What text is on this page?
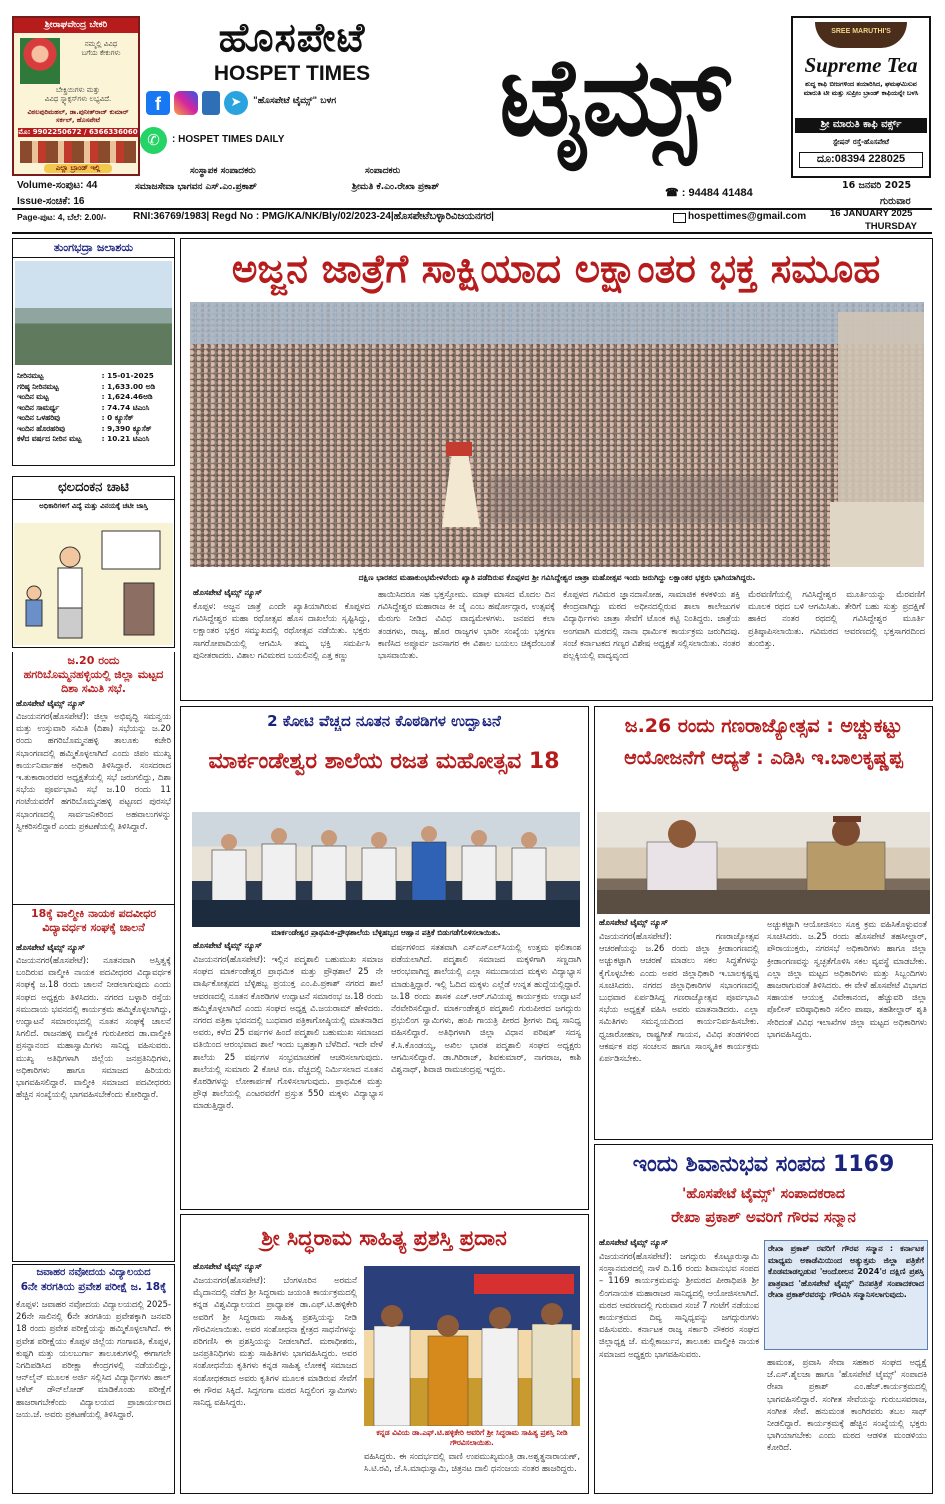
ಶ್ರೀರಾಘವೇಂದ್ರ ಬೇಕರಿ
ನಮ್ಮಲ್ಲಿ ವಿವಿಧ
ಬಗೆಯ ಕೇಕುಗಳು
ಬೇಕ್ಸ್ರಿಯಿಗಳು ಮತ್ತು
ವಿವಿಧ ಸ್ನ್ಯಾಕ್ಸಸ್‌ಗಳು ಲಭ್ಯವಿದೆ.
ವಿಠಲಪುರಿಮಹಲ್, ಡಾ.ಪುನೀತ್‌ರಾಜ್ ಕುಮಾರ್ ಸರ್ಕಲ್, ಹೊಸಪೇಟೆ
ಮೊ: 9902250672 / 6366336060
ಎಲ್ಲಾ ಬ್ರಾಂಡ್ ಇಲ್ಲಿ
ಹೊಸಪೇಟೆ
HOSPET TIMES	ಟೈಮ್ಸ್
f	➤	"ಹೊಸಪೇಟೆ ಟೈಮ್ಸ್" ಬಳಗ
✆	: HOSPET TIMES DAILY
SREE MARUTHI'S
Supreme Tea
ಶುದ್ಧ ಕಾಫಿ ಬೀಜಗಳಿಂದ ತಯಾರಿಸಿದ, ಘಮಘಮಿಸುವ ಮಾರುತಿ ಟೀ ಮತ್ತು ಸುಪ್ರೀಂ ಬ್ರಾಂಡ್ ಕಾಫಿಯನ್ನೇ ಬಳಸಿ
ಶ್ರೀ ಮಾರುತಿ ಕಾಫಿ ವರ್ಕ್ಸ್
ಸ್ಟೇಷನ್ ರಸ್ತೆ-ಹೊಸಪೇಟೆ
ದೂ:08394 228025
ಸಂಸ್ಥಾಪಕ ಸಂಪಾದಕರು	ಸಂಪಾದಕರು
ಸಮಾಜಸೇವಾ ಭಾಗವನ ಎಸ್.ಎಂ.ಪ್ರಕಾಶ್	ಶ್ರೀಮತಿ ಕೆ.ಎಂ.ರೇಖಾ ಪ್ರಕಾಶ್
Volume-ಸಂಪುಟ: 44
Issue-ಸಂಚಿಕೆ: 16
☎ : 94484 41484
16 ಜನವರಿ 2025
ಗುರುವಾರ
Page-ಪುಟ: 4, ಬೆಲೆ: 2.00/-	RNI:36769/1983| Regd No : PMG/KA/NK/Bly/02/2023-24|ಹೊಸಪೇಟೆಬಳ್ಳಾರಿವಿಜಯನಗರ|	hospettimes@gmail.com	16 JANUARY 2025
THURSDAY
ತುಂಗಭದ್ರಾ ಜಲಾಶಯ
ನೀರಿನಮಟ್ಟ	: 15-01-2025
ಗರಿಷ್ಠ ನೀರಿನಮಟ್ಟ	: 1,633.00 ಅಡಿ
ಇಂದಿನ ಮಟ್ಟ	: 1,624.46ಅಡಿ
ಇಂದಿನ ಸಾಮರ್ಥ್ಯ	: 74.74 ಟಿಎಂಸಿ
ಇಂದಿನ ಒಳಹರಿವು	: 0 ಕ್ಯೂಸೆಕ್
ಇಂದಿನ ಹೊರಹರಿವು	: 9,390 ಕ್ಯೂಸೆಕ್
ಕಳೆದ ವರ್ಷದ ನೀರಿನ ಮಟ್ಟ	: 10.21 ಟಿಎಂಸಿ
ಛಲದಂಕನ ಚಾಟಿ
ಅಧಿಕಾರಿಗಳಿಗೆ ವಿದ್ಯೆ ಮತ್ತು ವಿನಯಕ್ಕೆ ಚಟೀ ಜಾಸ್ತಿ
ಜ.20 ರಂದು
ಹಗರಿಬೊಮ್ಮನಹಳ್ಳಿಯಲ್ಲಿ ಜಿಲ್ಲಾ ಮಟ್ಟದ ದಿಶಾ ಸಮಿತಿ ಸಭೆ.
ಹೊಸಪೇಟೆ ಟೈಮ್ಸ್ ನ್ಯೂಸ್
ವಿಜಯನಗರ(ಹೊಸಪೇಟೆ): ಜಿಲ್ಲಾ ಅಭಿವೃದ್ಧಿ ಸಮನ್ವಯ ಮತ್ತು ಉಸ್ತುವಾರಿ ಸಮಿತಿ (ದಿಶಾ) ಸಭೆಯನ್ನು ಜ.20 ರಂದು ಹಗರಿಬೊಮ್ಮನಹಳ್ಳಿ ತಾಲೂಕು ಕಚೇರಿ ಸಭಾಂಗಣದಲ್ಲಿ ಹಮ್ಮಿಕೊಳ್ಳಲಾಗಿದೆ ಎಂದು ಜಿಪಂ ಮುಖ್ಯ ಕಾರ್ಯನಿರ್ವಾಹಕ ಅಧಿಕಾರಿ ತಿಳಿಸಿದ್ದಾರೆ. ಸಂಸದರಾದ ಇ.ತುಕಾರಾಂರವರ ಅಧ್ಯಕ್ಷತೆಯಲ್ಲಿ ಸಭೆ ಜರುಗಲಿದ್ದು, ದಿಶಾ ಸಭೆಯ ಪೂರ್ವಭಾವಿ ಸಭೆ ಜ.10 ರಂದು 11 ಗಂಟೆಯವರೆಗೆ ಹಗರಿಬೊಮ್ಮನಹಳ್ಳಿ ಪಟ್ಟಣದ ಪುರಸಭೆ ಸಭಾಂಗಣದಲ್ಲಿ ಸಾರ್ವಜನಿಕರಿಂದ ಅಹವಾಲುಗಳನ್ನು ಸ್ವೀಕರಿಸಲಿದ್ದಾರೆ ಎಂದು ಪ್ರಕಟಣೆಯಲ್ಲಿ ತಿಳಿಸಿದ್ದಾರೆ.
18ಕ್ಕೆ ವಾಲ್ಮೀಕಿ ನಾಯಕ ಪದವೀಧರ ವಿದ್ಯಾವರ್ಧಕ ಸಂಘಕ್ಕೆ ಚಾಲನೆ
ಹೊಸಪೇಟೆ ಟೈಮ್ಸ್ ನ್ಯೂಸ್
ವಿಜಯನಗರ(ಹೊಸಪೇಟೆ): ನೂತನವಾಗಿ ಅಸ್ತಿತ್ವಕ್ಕೆ ಬಂದಿರುವ ವಾಲ್ಮೀಕಿ ನಾಯಕ ಪದವೀಧರರ ವಿದ್ಯಾವರ್ಧಕ ಸಂಘಕ್ಕೆ ಜ.18 ರಂದು ಚಾಲನೆ ನೀಡಲಾಗುವುದು ಎಂದು ಸಂಘದ ಅಧ್ಯಕ್ಷರು ತಿಳಿಸಿದರು. ನಗರದ ಬಳ್ಳಾರಿ ರಸ್ತೆಯ ಸಮುದಾಯ ಭವನದಲ್ಲಿ ಕಾರ್ಯಕ್ರಮ ಹಮ್ಮಿಕೊಳ್ಳಲಾಗಿದ್ದು, ಉದ್ಘಾಟನೆ ಸಮಾರಂಭದಲ್ಲಿ ನೂತನ ಸಂಘಕ್ಕೆ ಚಾಲನೆ ಸಿಗಲಿದೆ. ರಾಜನಹಳ್ಳಿ ವಾಲ್ಮೀಕಿ ಗುರುಪೀಠದ ಡಾ.ವಾಲ್ಮೀಕಿ ಪ್ರಸನ್ನಾನಂದ ಮಹಾಸ್ವಾಮಿಗಳು ಸಾನಿಧ್ಯ ವಹಿಸುವರು. ಮುಖ್ಯ ಅತಿಥಿಗಳಾಗಿ ಜಿಲ್ಲೆಯ ಜನಪ್ರತಿನಿಧಿಗಳು, ಅಧಿಕಾರಿಗಳು ಹಾಗೂ ಸಮಾಜದ ಹಿರಿಯರು ಭಾಗವಹಿಸಲಿದ್ದಾರೆ. ವಾಲ್ಮೀಕಿ ಸಮಾಜದ ಪದವೀಧರರು ಹೆಚ್ಚಿನ ಸಂಖ್ಯೆಯಲ್ಲಿ ಭಾಗವಹಿಸಬೇಕೆಂದು ಕೋರಿದ್ದಾರೆ.
ಜವಾಹರ ನವೋದಯ ವಿದ್ಯಾಲಯದ
6ನೇ ತರಗತಿಯ ಪ್ರವೇಶ ಪರೀಕ್ಷೆ ಜ. 18ಕ್ಕೆ
ಕೊಪ್ಪಳ: ಜವಾಹರ ನವೋದಯ ವಿದ್ಯಾಲಯದಲ್ಲಿ 2025-26ನೇ ಸಾಲಿನಲ್ಲಿ 6ನೇ ತರಗತಿಯ ಪ್ರವೇಶಕ್ಕಾಗಿ ಜನವರಿ 18 ರಂದು ಪ್ರವೇಶ ಪರೀಕ್ಷೆಯನ್ನು ಹಮ್ಮಿಕೊಳ್ಳಲಾಗಿದೆ. ಈ ಪ್ರವೇಶ ಪರೀಕ್ಷೆಯು ಕೊಪ್ಪಳ ಜಿಲ್ಲೆಯ ಗಂಗಾವತಿ, ಕೊಪ್ಪಳ, ಕುಷ್ಟಗಿ ಮತ್ತು ಯಲಬುರ್ಗಾ ತಾಲೂಕುಗಳಲ್ಲಿ ಈಗಾಗಲೇ ನಿಗದಿಪಡಿಸಿದ ಪರೀಕ್ಷಾ ಕೇಂದ್ರಗಳಲ್ಲಿ ನಡೆಯಲಿದ್ದು, ಆನ್‌ಲೈನ್ ಮೂಲಕ ಅರ್ಜಿ ಸಲ್ಲಿಸಿದ ವಿದ್ಯಾರ್ಥಿಗಳು ಹಾಲ್ ಟಿಕೆಟ್ ಡೌನ್‌ಲೋಡ್ ಮಾಡಿಕೊಂಡು ಪರೀಕ್ಷೆಗೆ ಹಾಜರಾಗಬೇಕೆಂದು ವಿದ್ಯಾಲಯದ ಪ್ರಾಚಾರ್ಯರಾದ ಜಯ.ಜೆ. ಅವರು ಪ್ರಕಟಣೆಯಲ್ಲಿ ತಿಳಿಸಿದ್ದಾರೆ.
ಅಜ್ಜನ ಜಾತ್ರೆಗೆ ಸಾಕ್ಷಿಯಾದ ಲಕ್ಷಾಂತರ ಭಕ್ತ ಸಮೂಹ
ದಕ್ಷಿಣ ಭಾರತದ ಮಹಾಕುಂಭಮೇಳವೆಂದು ಖ್ಯಾತಿ ಪಡೆದಿರುವ ಕೊಪ್ಪಳದ ಶ್ರೀ ಗವಿಸಿದ್ದೇಶ್ವರ ಜಾತ್ರಾ ಮಹೋತ್ಸವ ಇಂದು ಜರುಗಿದ್ದು ಲಕ್ಷಾಂತರ ಭಕ್ತರು ಭಾಗಿಯಾಗಿದ್ದರು.
ಹೊಸಪೇಟೆ ಟೈಮ್ಸ್ ನ್ಯೂಸ್
ಕೊಪ್ಪಳ: ಅಜ್ಜನ ಜಾತ್ರೆ ಎಂದೇ ಖ್ಯಾತಿಯಾಗಿರುವ ಕೊಪ್ಪಳದ ಗವಿಸಿದ್ದೇಶ್ವರ ಮಹಾ ರಥೋತ್ಸವ ಹೊಸ ದಾಖಲೆಯ ಸೃಷ್ಟಿಸಿದ್ದು, ಲಕ್ಷಾಂತರ ಭಕ್ತರ ಸಮ್ಮುಖದಲ್ಲಿ ರಥೋತ್ಸವ ನಡೆಯಿತು. ಭಕ್ತರು ಸಾಗರೋಪಾದಿಯಲ್ಲಿ ಆಗಮಿಸಿ ತಮ್ಮ ಭಕ್ತಿ ಸಮರ್ಪಿಸಿ ಪುನೀತರಾದರು. ವಿಶಾಲ ಗವಿಮಠದ ಬಯಲಿನಲ್ಲಿ ಎತ್ತ ಕಣ್ಣು
ಹಾಯಿಸಿದರೂ ಸಹ ಭಕ್ತಸ್ತೋಮ. ಮಾಘ ಮಾಸದ ಮೊದಲ ದಿನ ಗವಿಸಿದ್ದೇಶ್ವರ ಮಹಾರಾಜ ಕೀ ಜೈ ಎಂಬ ಹರ್ಷೋದ್ಗಾರ, ಉತ್ಸವಕ್ಕೆ ಮೆರುಗು ನೀಡಿದ ವಿವಿಧ ವಾದ್ಯಮೇಳಗಳು. ಜನಪದ ಕಲಾ ತಂಡಗಳು, ರಾಜ್ಯ, ಹೊರ ರಾಜ್ಯಗಳ ಭಾರೀ ಸಂಖ್ಯೆಯ ಭಕ್ತಗಣ ಕಾಣಿಸಿದ ಅಪ್ಪೂರ್ವ ಜನಸಾಗರ ಈ ವಿಶಾಲ ಬಯಲು ಚಿಕ್ಕದೆಂಬಂತೆ ಭಾಸವಾಯಿತು.
ಕೊಪ್ಪಳದ ಗವಿಮಠ ಜ್ಞಾನದಾಸೋಹ, ಸಾಮಾಜಿಕ ಕಳಕಳಿಯ ಶಕ್ತಿ ಕೇಂದ್ರವಾಗಿದ್ದು ಮಠದ ಅಧೀನದಲ್ಲಿರುವ ಶಾಲಾ ಕಾಲೇಜುಗಳ ವಿದ್ಯಾರ್ಥಿಗಳು ಜಾತ್ರಾ ಸೇವೆಗೆ ಟೊಂಕ ಕಟ್ಟಿ ನಿಂತಿದ್ದರು. ಜಾತ್ರೆಯ ಅಂಗವಾಗಿ ಮಠದಲ್ಲಿ ನಾನಾ ಧಾರ್ಮಿಕ ಕಾರ್ಯಕ್ರಮ ಜರುಗಿದವು. ಸಂಜೆ ಕರ್ನಾಟಕದ ಗಣ್ಯರ ವಿಶೇಷ ಅಧ್ಯಕ್ಷತೆ ಸಲ್ಲಿಸಲಾಯಿತು. ನಂತರ ಪಲ್ಲಕ್ಕಿಯಲ್ಲಿ ವಾದ್ಯವೃಂದ
ಮೆರವಣಿಗೆಯಲ್ಲಿ ಗವಿಸಿದ್ದೇಶ್ವರ ಮೂರ್ತಿಯನ್ನು ಮೆರವಣಿಗೆ ಮೂಲಕ ರಥದ ಬಳಿ ಆಗಮಿಸಿತು. ತೇರಿಗೆ ಬಹು ಸುತ್ತು ಪ್ರದಕ್ಷಿಣೆ ಹಾಕಿದ ನಂತರ ರಥದಲ್ಲಿ ಗವಿಸಿದ್ದೇಶ್ವರ ಮೂರ್ತಿ ಪ್ರತಿಷ್ಠಾಪಿಸಲಾಯಿತು. ಗವಿಮಠದ ಆವರಣದಲ್ಲಿ ಭಕ್ತಸಾಗರದಿಂದ ತುಂಬಿತ್ತು.
2 ಕೋಟಿ ವೆಚ್ಚದ ನೂತನ ಕೊಠಡಿಗಳ ಉದ್ಘಾಟನೆ
ಮಾರ್ಕಂಡೇಶ್ವರ ಶಾಲೆಯ ರಜತ ಮಹೋತ್ಸವ 18
ಮಾರ್ಕಂಡೇಶ್ವರ ಪ್ರಾಥಮಿಕ-ಪ್ರೌಢಶಾಲೆಯ ಬೆಳ್ಳಿಹಬ್ಬದ ಆಹ್ವಾನ ಪತ್ರಿಕೆ ಬಿಡುಗಡೆಗೊಳಿಸಲಾಯಿತು.
ಹೊಸಪೇಟೆ ಟೈಮ್ಸ್ ನ್ಯೂಸ್
ವಿಜಯನಗರ(ಹೊಸಪೇಟೆ): ಇಲ್ಲಿನ ಪದ್ಮಶಾಲಿ ಬಹುಮುಖ ಸಮಾಜ ಸಂಘದ ಮಾರ್ಕಂಡೇಶ್ವರ ಪ್ರಾಥಮಿಕ ಮತ್ತು ಪ್ರೌಢಶಾಲೆ 25 ನೇ ವಾರ್ಷಿಕೋತ್ಸವದ ಬೆಳ್ಳಿಹಬ್ಬ ಪ್ರಯುಕ್ತ ಎಂ.ಪಿ.ಪ್ರಕಾಶ್ ನಗರದ ಶಾಲೆ ಆವರಣದಲ್ಲಿ ನೂತನ ಕೊಠಡಿಗಳ ಉದ್ಘಾಟನೆ ಸಮಾರಂಭ ಜ.18 ರಂದು ಹಮ್ಮಿಕೊಳ್ಳಲಾಗಿದೆ ಎಂದು ಸಂಘದ ಅಧ್ಯಕ್ಷ ವಿ.ಜಯರಾಮ್ ಹೇಳಿದರು. ನಗರದ ಪತ್ರಿಕಾ ಭವನದಲ್ಲಿ ಬುಧವಾರ ಪತ್ರಿಕಾಗೋಷ್ಠಿಯಲ್ಲಿ ಮಾತನಾಡಿದ ಅವರು, ಕಳೆದ 25 ವರ್ಷಗಳ ಹಿಂದೆ ಪದ್ಮಶಾಲಿ ಬಹುಮುಖ ಸಮಾಜದ ವತಿಯಿಂದ ಆರಂಭವಾದ ಶಾಲೆ ಇಂದು ಬೃಹತ್ತಾಗಿ ಬೆಳೆದಿದೆ. ಇದೇ ವೇಳೆ ಶಾಲೆಯ 25 ವರ್ಷಗಳ ಸಂಭ್ರಮಾಚರಣೆ ಆಚರಿಸಲಾಗುವುದು. ಶಾಲೆಯಲ್ಲಿ ಸುಮಾರು 2 ಕೋಟಿ ರೂ. ವೆಚ್ಚದಲ್ಲಿ ನಿರ್ಮಿಸಲಾದ ನೂತನ ಕೊಠಡಿಗಳನ್ನು ಲೋಕಾರ್ಪಣೆ ಗೊಳಿಸಲಾಗುವುದು. ಪ್ರಾಥಮಿಕ ಮತ್ತು ಪ್ರೌಢ ಶಾಲೆಯಲ್ಲಿ ಎಂಟರವರೆಗೆ ಪ್ರಸ್ತುತ 550 ಮಕ್ಕಳು ವಿದ್ಯಾಭ್ಯಾಸ ಮಾಡುತ್ತಿದ್ದಾರೆ.
ವರ್ಷಗಳಿಂದ ಸತತವಾಗಿ ಎಸ್ಎಸ್‌ಎಲ್‌ಸಿಯಲ್ಲಿ ಉತ್ತಮ ಫಲಿತಾಂಶ ಪಡೆಯಲಾಗಿದೆ. ಪದ್ಮಶಾಲಿ ಸಮಾಜದ ಮಕ್ಕಳಿಗಾಗಿ ಸಣ್ಣದಾಗಿ ಆರಂಭವಾಗಿದ್ದ ಶಾಲೆಯಲ್ಲಿ ಎಲ್ಲಾ ಸಮುದಾಯದ ಮಕ್ಕಳು ವಿದ್ಯಾಭ್ಯಾಸ ಮಾಡುತ್ತಿದ್ದಾರೆ. ಇಲ್ಲಿ ಓದಿದ ಮಕ್ಕಳು ಎಲ್ಲೆಡೆ ಉನ್ನತ ಹುದ್ದೆಯಲ್ಲಿದ್ದಾರೆ. ಜ.18 ರಂದು ಶಾಸಕ ಎಚ್.ಆರ್.ಗವಿಯಪ್ಪ ಕಾರ್ಯಕ್ರಮ ಉದ್ಘಾಟನೆ ನೆರವೇರಿಸಲಿದ್ದಾರೆ. ಮಾರ್ಕಂಡೇಶ್ವರ ಪದ್ಮಶಾಲಿ ಗುರುಪೀಠದ ಜಗದ್ಗುರು ಪ್ರಭುಲಿಂಗ ಸ್ವಾಮಿಗಳು, ಹಂಪಿ ಗಾಯತ್ರಿ ಪೀಠದ ಶ್ರೀಗಳು ದಿವ್ಯ ಸಾನಿಧ್ಯ ವಹಿಸಲಿದ್ದಾರೆ. ಅತಿಥಿಗಳಾಗಿ ಜಿಲ್ಲಾ ವಿಧಾನ ಪರಿಷತ್ ಸದಸ್ಯ ಕೆ.ಸಿ.ಕೊಂಡಯ್ಯ, ಅಖಿಲ ಭಾರತ ಪದ್ಮಶಾಲಿ ಸಂಘದ ಅಧ್ಯಕ್ಷರು ಆಗಮಿಸಲಿದ್ದಾರೆ. ಡಾ.ಗಿರಿರಾಜ್, ಶಿವಕುಮಾರ್, ನಾಗರಾಜ, ಕಾಶಿ ವಿಶ್ವನಾಥ್, ಶಿವಾಜಿ ರಾಮಚಂದ್ರಪ್ಪ ಇದ್ದರು.
ಜ.26 ರಂದು ಗಣರಾಜ್ಯೋತ್ಸವ : ಅಚ್ಚುಕಟ್ಟು
ಆಯೋಜನೆಗೆ ಆದ್ಯತೆ : ಎಡಿಸಿ ಇ.ಬಾಲಕೃಷ್ಣಪ್ಪ
ಹೊಸಪೇಟೆ ಟೈಮ್ಸ್ ನ್ಯೂಸ್
ವಿಜಯನಗರ(ಹೊಸಪೇಟೆ): ಗಣರಾಜ್ಯೋತ್ಸವ ಆಚರಣೆಯನ್ನು ಜ.26 ರಂದು ಜಿಲ್ಲಾ ಕ್ರೀಡಾಂಗಣದಲ್ಲಿ ಅಚ್ಚುಕಟ್ಟಾಗಿ ಆಚರಣೆ ಮಾಡಲು ಸಕಲ ಸಿದ್ಧತೆಗಳನ್ನು ಕೈಗೊಳ್ಳಬೇಕು ಎಂದು ಅಪರ ಜಿಲ್ಲಾಧಿಕಾರಿ ಇ.ಬಾಲಕೃಷ್ಣಪ್ಪ ಸೂಚಿಸಿದರು. ನಗರದ ಜಿಲ್ಲಾಧಿಕಾರಿಗಳ ಸಭಾಂಗಣದಲ್ಲಿ ಬುಧವಾರ ಏರ್ಪಡಿಸಿದ್ದ ಗಣರಾಜ್ಯೋತ್ಸವ ಪೂರ್ವಭಾವಿ ಸಭೆಯ ಅಧ್ಯಕ್ಷತೆ ವಹಿಸಿ ಅವರು ಮಾತನಾಡಿದರು. ಎಲ್ಲಾ ಸಮಿತಿಗಳು ಸಮನ್ವಯದಿಂದ ಕಾರ್ಯನಿರ್ವಹಿಸಬೇಕು. ಧ್ವಜಾರೋಹಣ, ರಾಷ್ಟ್ರಗೀತೆ ಗಾಯನ, ವಿವಿಧ ತಂಡಗಳಿಂದ ಆಕರ್ಷಕ ಪಥ ಸಂಚಲನ ಹಾಗೂ ಸಾಂಸ್ಕೃತಿಕ ಕಾರ್ಯಕ್ರಮ ಏರ್ಪಡಿಸಬೇಕು.
ಅಚ್ಚುಕಟ್ಟಾಗಿ ಆಯೋಜಿಸಲು ಸೂಕ್ತ ಕ್ರಮ ವಹಿಸಿಕೊಳ್ಳುವಂತೆ ಸೂಚಿಸಿದರು. ಜ.25 ರಂದು ಹೊಸಪೇಟೆ ತಹಸೀಲ್ದಾರ್, ಪೌರಾಯುಕ್ತರು, ನಗರಸಭೆ ಅಧಿಕಾರಿಗಳು ಹಾಗೂ ಜಿಲ್ಲಾ ಕ್ರೀಡಾಂಗಣವನ್ನು ಸ್ವಚ್ಛತೆಗೊಳಿಸಿ ಸಕಲ ವ್ಯವಸ್ಥೆ ಮಾಡಬೇಕು. ಎಲ್ಲಾ ಜಿಲ್ಲಾ ಮಟ್ಟದ ಅಧಿಕಾರಿಗಳು ಮತ್ತು ಸಿಬ್ಬಂದಿಗಳು ಹಾಜರಾಗುವಂತೆ ತಿಳಿಸಿದರು. ಈ ವೇಳೆ ಹೊಸಪೇಟೆ ವಿಭಾಗದ ಸಹಾಯಕ ಆಯುಕ್ತ ವಿವೇಕಾನಂದ, ಹೆಚ್ಚುವರಿ ಜಿಲ್ಲಾ ಪೊಲೀಸ್ ವರಿಷ್ಠಾಧಿಕಾರಿ ಸಲೀಂ ಪಾಷಾ, ತಹಶೀಲ್ದಾರ್ ಶೃತಿ ಸೇರಿದಂತೆ ವಿವಿಧ ಇಲಾಖೆಗಳ ಜಿಲ್ಲಾ ಮಟ್ಟದ ಅಧಿಕಾರಿಗಳು ಭಾಗವಹಿಸಿದ್ದರು.
ಶ್ರೀ ಸಿದ್ಧರಾಮ ಸಾಹಿತ್ಯ ಪ್ರಶಸ್ತಿ ಪ್ರದಾನ
ಹೊಸಪೇಟೆ ಟೈಮ್ಸ್ ನ್ಯೂಸ್
ವಿಜಯನಗರ(ಹೊಸಪೇಟೆ): ಬೆಂಗಳೂರಿನ ಅರಮನೆ ಮೈದಾನದಲ್ಲಿ ನಡೆದ ಶ್ರೀ ಸಿದ್ಧರಾಮ ಜಯಂತಿ ಕಾರ್ಯಕ್ರಮದಲ್ಲಿ ಕನ್ನಡ ವಿಶ್ವವಿದ್ಯಾಲಯದ ಪ್ರಾಧ್ಯಾಪಕ ಡಾ.ಎಫ್.ಟಿ.ಹಳ್ಳಿಕೇರಿ ಅವರಿಗೆ ಶ್ರೀ ಸಿದ್ಧರಾಮ ಸಾಹಿತ್ಯ ಪ್ರಶಸ್ತಿಯನ್ನು ನೀಡಿ ಗೌರವಿಸಲಾಯಿತು. ಅವರ ಸಂಶೋಧನಾ ಕ್ಷೇತ್ರದ ಸಾಧನೆಗಳನ್ನು ಪರಿಗಣಿಸಿ ಈ ಪ್ರಶಸ್ತಿಯನ್ನು ನೀಡಲಾಗಿದೆ. ಮಠಾಧೀಶರು, ಜನಪ್ರತಿನಿಧಿಗಳು ಮತ್ತು ಸಾಹಿತಿಗಳು ಭಾಗವಹಿಸಿದ್ದರು. ಅವರ ಸಂಶೋಧನೆಯ ಕೃತಿಗಳು ಕನ್ನಡ ಸಾಹಿತ್ಯ ಲೋಕಕ್ಕೆ ಸಮಾಜದ ಸಂಶೋಧಕರಾದ ಅವರು ಕೃತಿಗಳ ಮೂಲಕ ಮಾಡಿರುವ ಸೇವೆಗೆ ಈ ಗೌರವ ಸಿಕ್ಕಿದೆ. ಸಿದ್ದಗಂಗಾ ಮಠದ ಸಿದ್ದಲಿಂಗ ಸ್ವಾಮಿಗಳು ಸಾನಿಧ್ಯ ವಹಿಸಿದ್ದರು.
ಕನ್ನಡ ವಿವಿಯ ಡಾ.ಎಫ್.ಟಿ.ಹಳ್ಳಿಕೇರಿ ಅವರಿಗೆ ಶ್ರೀ ಸಿದ್ಧರಾಮ ಸಾಹಿತ್ಯ ಪ್ರಶಸ್ತಿ ನೀಡಿ ಗೌರವಿಸಲಾಯಿತು.
ವಹಿಸಿದ್ದರು. ಈ ಸಂದರ್ಭದಲ್ಲಿ ವಾಣಿ ಉಪಮುಖ್ಯಮಂತ್ರಿ ಡಾ.ಅಶ್ವತ್ಥನಾರಾಯಣ್, ಸಿ.ಟಿ.ರವಿ, ಜೆ.ಸಿ.ಮಾಧುಸ್ವಾಮಿ, ಚಿತ್ರನಟ ದಾಲಿ ಧನಂಜಯ ನಂತರ ಹಾಜರಿದ್ದರು.
ಇಂದು ಶಿವಾನುಭವ ಸಂಪದ 1169
'ಹೊಸಪೇಟೆ ಟೈಮ್ಸ್' ಸಂಪಾದಕರಾದ
ರೇಖಾ ಪ್ರಕಾಶ್ ಅವರಿಗೆ ಗೌರವ ಸನ್ಮಾನ
ಹೊಸಪೇಟೆ ಟೈಮ್ಸ್ ನ್ಯೂಸ್
ವಿಜಯನಗರ(ಹೊಸಪೇಟೆ): ಜಗದ್ಗುರು ಕೊಟ್ಟೂರುಸ್ವಾಮಿ ಸಂಸ್ಥಾನಮಠದಲ್ಲಿ ನಾಳೆ ದಿ.16 ರಂದು ಶಿವಾನುಭವ ಸಂಪದ – 1169 ಕಾರ್ಯಕ್ರಮವನ್ನು ಶ್ರೀಮಠದ ಪೀಠಾಧಿಪತಿ ಶ್ರೀ ಲಿಂಗನಾಯಕ ಮಹಾರಾಜರ ಸಾನಿಧ್ಯದಲ್ಲಿ ಆಯೋಜಿಸಲಾಗಿದೆ. ಮಠದ ಆವರಣದಲ್ಲಿ ಗುರುವಾರ ಸಂಜೆ 7 ಗಂಟೆಗೆ ನಡೆಯುವ ಕಾರ್ಯಕ್ರಮದ ದಿವ್ಯ ಸಾನ್ನಿಧ್ಯವನ್ನು ಜಗದ್ಗುರುಗಳು ವಹಿಸುವರು. ಕರ್ನಾಟಕ ರಾಜ್ಯ ಸರ್ಕಾರಿ ನೌಕರರ ಸಂಘದ ಜಿಲ್ಲಾಧ್ಯಕ್ಷ ಜೆ. ಮಲ್ಲಿಕಾರ್ಜುನ, ತಾಲೂಕು ವಾಲ್ಮೀಕಿ ನಾಯಕ ಸಮಾಜದ ಅಧ್ಯಕ್ಷರು ಭಾಗವಹಿಸುವರು.
ರೇಖಾ ಪ್ರಕಾಶ್ ರವರಿಗೆ ಗೌರವ ಸನ್ಮಾನ : ಕರ್ನಾಟಕ ಮಾಧ್ಯಮ ಅಕಾಡೆಮಿಯಿಂದ ಅತ್ಯುತ್ತಮ ಜಿಲ್ಲಾ ಪತ್ರಿಕೆಗೆ ಕೊಡಮಾಡಲ್ಪಡುವ 'ಆಂದೋಲನ 2024'ರ ದಕ್ಷಿಣಿ ಪ್ರಶಸ್ತಿ ಪಾತ್ರವಾದ 'ಹೊಸಪೇಟೆ ಟೈಮ್ಸ್' ದಿನಪತ್ರಿಕೆ ಸಂಪಾದಕರಾದ ರೇಖಾ ಪ್ರಕಾಶ್‌ರವರನ್ನು ಗೌರವಿಸಿ ಸನ್ಮಾನಿಸಲಾಗುವುದು.
ಹಾಮಂತ, ಪ್ರವಾಸಿ ಸೇವಾ ಸಹಕಾರ ಸಂಘದ ಅಧ್ಯಕ್ಷೆ ಜೆ.ಎಸ್.ಶೈಲಜಾ ಹಾಗೂ 'ಹೊಸಪೇಟೆ ಟೈಮ್ಸ್' ಸಂಪಾದಕಿ ರೇಖಾ ಪ್ರಕಾಶ್ ಎಂ.ಹೆಚ್.ಕಾರ್ಯಕ್ರಮದಲ್ಲಿ ಭಾಗವಹಿಸಲಿದ್ದಾರೆ. ಸಂಗೀತ ಸೇವೆಯನ್ನು ಗುರುಬಸವರಾಜ, ಸಂಗೀತ ಸೇವೆ. ಹನುಮಂತ ಕಾಂಗಿರವರು ತಬಲ ಸಾಥ್ ನೀಡಲಿದ್ದಾರೆ. ಕಾರ್ಯಕ್ರಮಕ್ಕೆ ಹೆಚ್ಚಿನ ಸಂಖ್ಯೆಯಲ್ಲಿ ಭಕ್ತರು ಭಾಗಿಯಾಗಬೇಕು ಎಂದು ಮಠದ ಆಡಳಿತ ಮಂಡಳಿಯು ಕೋರಿದೆ.
